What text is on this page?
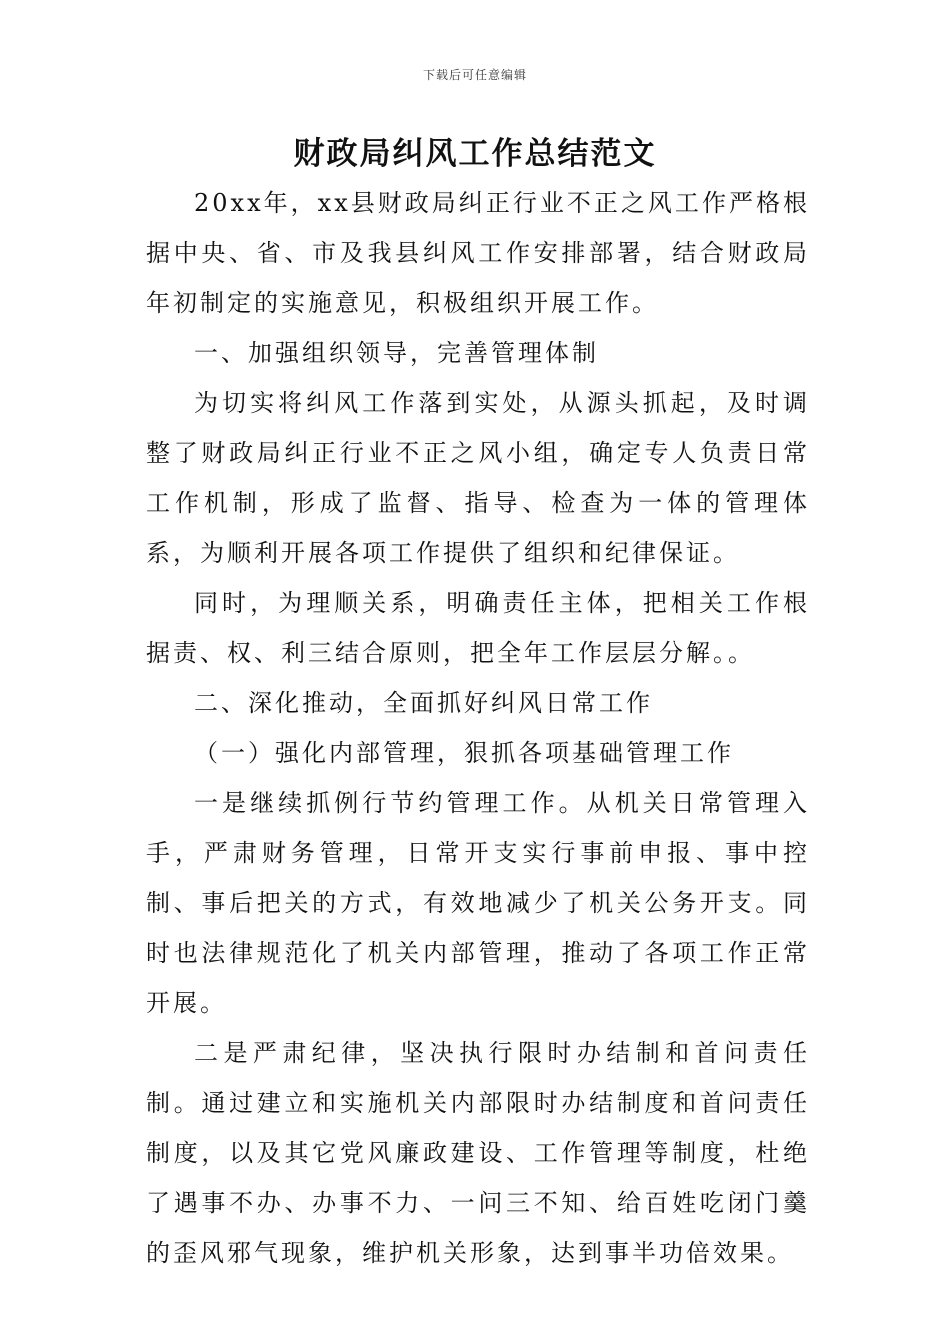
下载后可任意编辑
财政局纠风工作总结范文

20xx年，xx县财政局纠正行业不正之风工作严格根据中央、省、市及我县纠风工作安排部署，结合财政局年初制定的实施意见，积极组织开展工作。

一、加强组织领导，完善管理体制

为切实将纠风工作落到实处，从源头抓起，及时调整了财政局纠正行业不正之风小组，确定专人负责日常工作机制，形成了监督、指导、检查为一体的管理体系，为顺利开展各项工作提供了组织和纪律保证。

同时，为理顺关系，明确责任主体，把相关工作根据责、权、利三结合原则，把全年工作层层分解。。

二、深化推动，全面抓好纠风日常工作

（一）强化内部管理，狠抓各项基础管理工作

一是继续抓例行节约管理工作。从机关日常管理入手，严肃财务管理，日常开支实行事前申报、事中控制、事后把关的方式，有效地减少了机关公务开支。同时也法律规范化了机关内部管理，推动了各项工作正常开展。

二是严肃纪律，坚决执行限时办结制和首问责任制。通过建立和实施机关内部限时办结制度和首问责任制度，以及其它党风廉政建设、工作管理等制度，杜绝了遇事不办、办事不力、一问三不知、给百姓吃闭门羹的歪风邪气现象，维护机关形象，达到事半功倍效果。
